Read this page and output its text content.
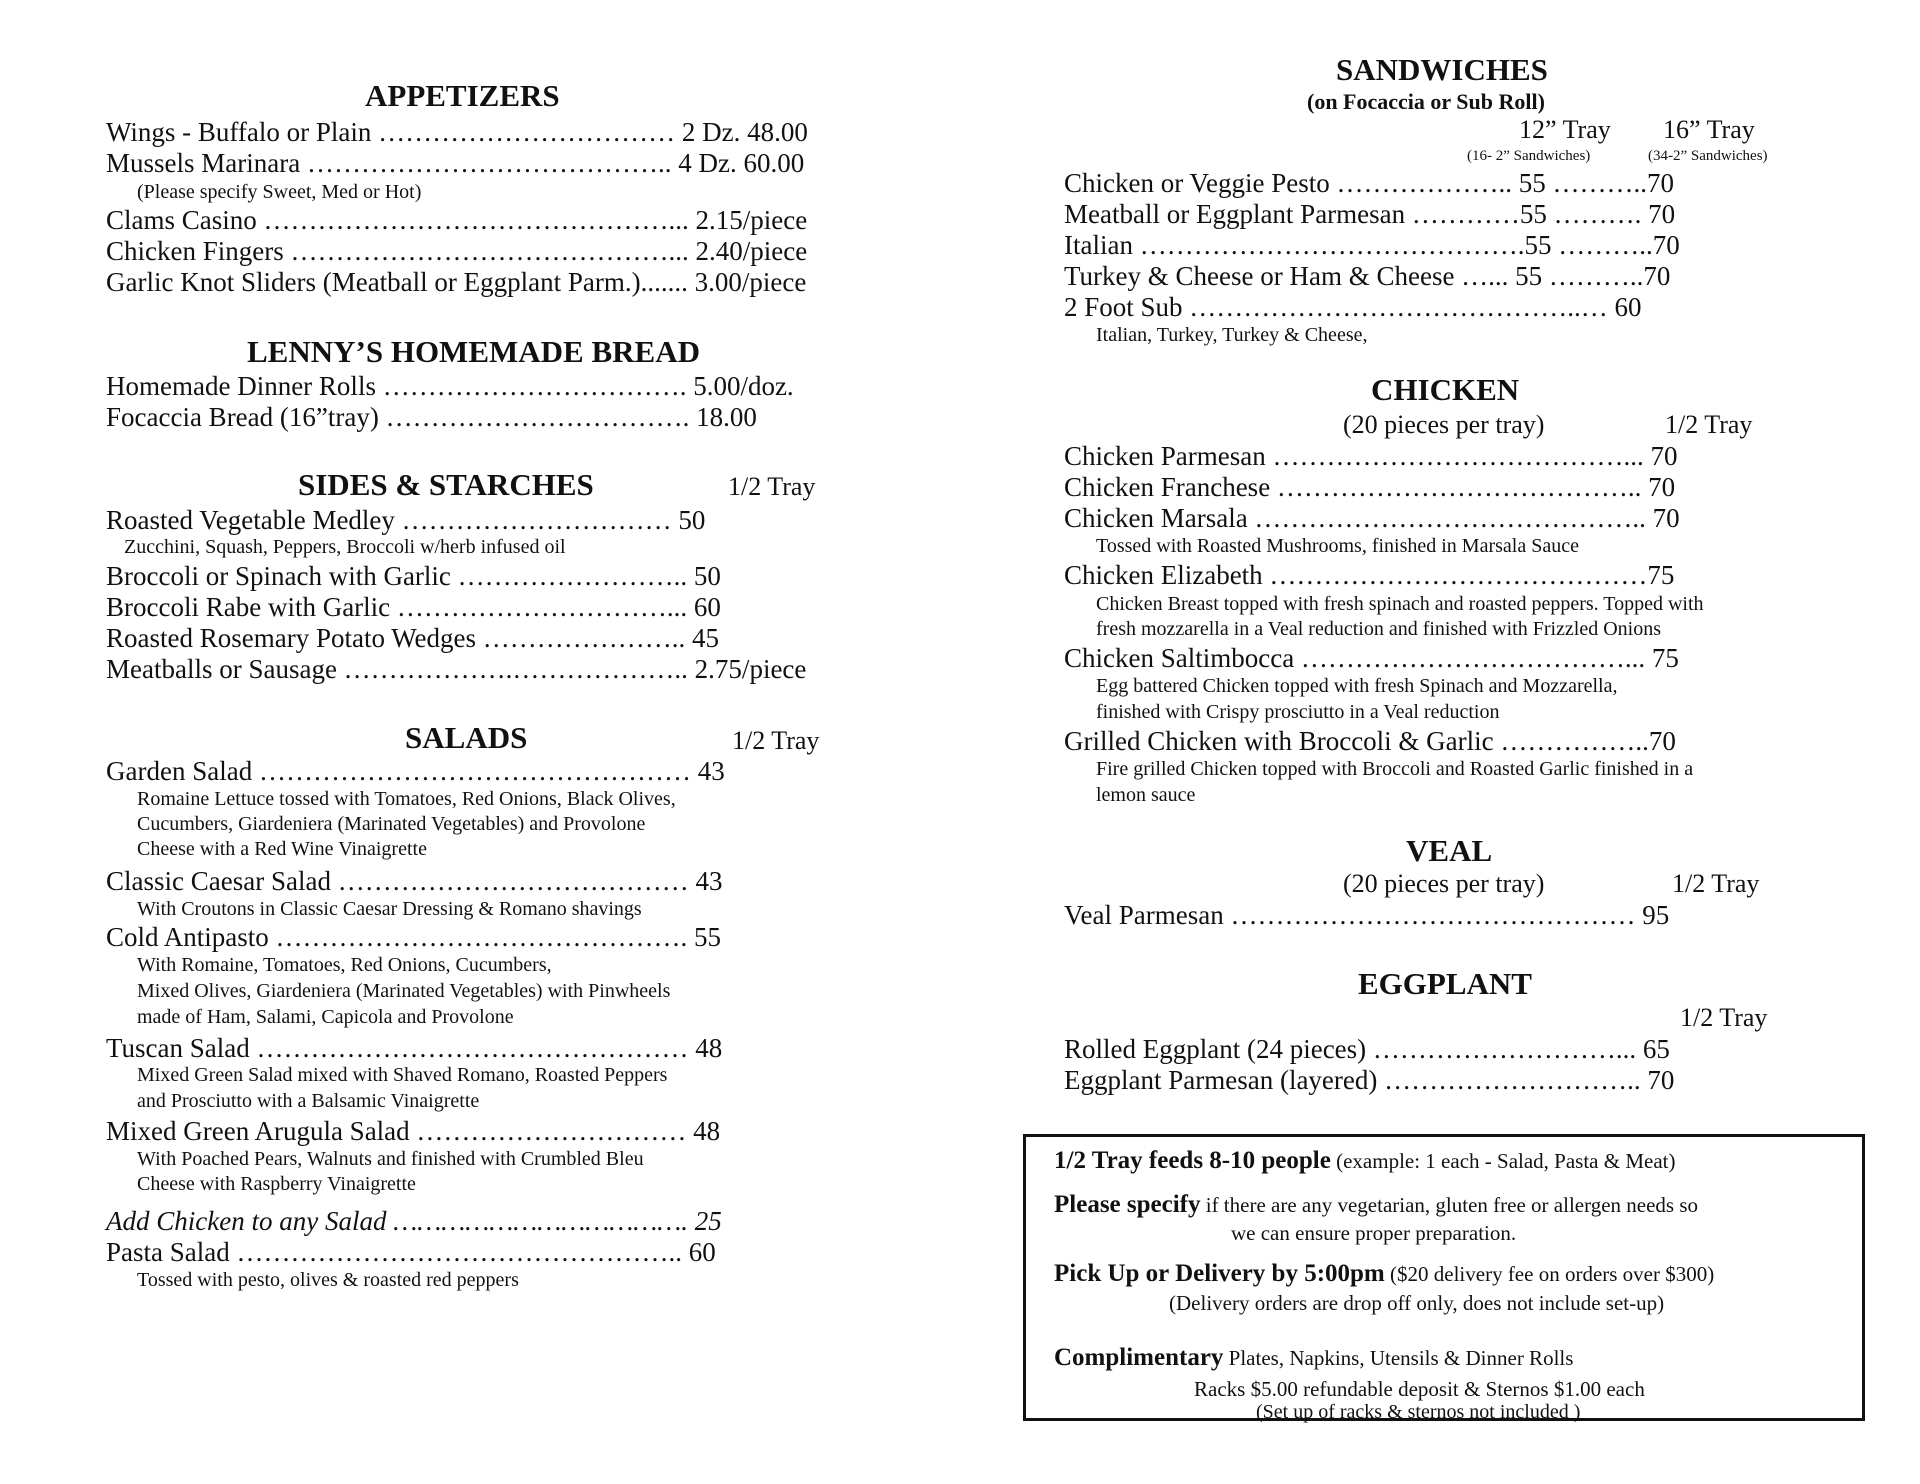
APPETIZERS
Wings - Buffalo or Plain …………………………… 2 Dz. 48.00
Mussels Marinara ………………………………….. 4 Dz. 60.00
(Please specify Sweet, Med or Hot)
Clams Casino ………………………………………... 2.15/piece
Chicken Fingers ……………………………………... 2.40/piece
Garlic Knot Sliders (Meatball or Eggplant Parm.)....... 3.00/piece
LENNY’S HOMEMADE BREAD
Homemade Dinner Rolls ……………………………. 5.00/doz.
Focaccia Bread (16”tray) ……………………………. 18.00
SIDES & STARCHES	1/2 Tray
Roasted Vegetable Medley ………………………… 50
Zucchini, Squash, Peppers, Broccoli w/herb infused oil
Broccoli or Spinach with Garlic …………………….. 50
Broccoli Rabe with Garlic …………………………... 60
Roasted Rosemary Potato Wedges ………………….. 45
Meatballs or Sausage ……………….……………….. 2.75/piece
SALADS	1/2 Tray
Garden Salad ………………………………………… 43
Romaine Lettuce tossed with Tomatoes, Red Onions, Black Olives,
Cucumbers, Giardeniera (Marinated Vegetables) and Provolone
Cheese with a Red Wine Vinaigrette
Classic Caesar Salad ………………………………… 43
With Croutons in Classic Caesar Dressing & Romano shavings
Cold Antipasto ………………………………………. 55
With Romaine, Tomatoes, Red Onions, Cucumbers,
Mixed Olives, Giardeniera (Marinated Vegetables) with Pinwheels
made of Ham, Salami, Capicola and Provolone
Tuscan Salad ………………………………………… 48
Mixed Green Salad mixed with Shaved Romano, Roasted Peppers
and Prosciutto with a Balsamic Vinaigrette
Mixed Green Arugula Salad ………………………… 48
With Poached Pears, Walnuts and finished with Crumbled Bleu
Cheese with Raspberry Vinaigrette
Add Chicken to any Salad ………………………………. 25
Pasta Salad ………………………………………….. 60
Tossed with pesto, olives & roasted red peppers
SANDWICHES
(on Focaccia or Sub Roll)
12” Tray 16” Tray
(16- 2” Sandwiches)	(34-2” Sandwiches)
Chicken or Veggie Pesto ……………….. 55 ………..70
Meatball or Eggplant Parmesan …………55 ………. 70
Italian …………………………………….55 ………..70
Turkey & Cheese or Ham & Cheese …... 55 ………..70
2 Foot Sub ……………………………………..… 60
Italian, Turkey, Turkey & Cheese,
CHICKEN
(20 pieces per tray)	1/2 Tray
Chicken Parmesan …………………………………... 70
Chicken Franchese ………………………………….. 70
Chicken Marsala …………………………………….. 70
Tossed with Roasted Mushrooms, finished in Marsala Sauce
Chicken Elizabeth ……………………………………75
Chicken Breast topped with fresh spinach and roasted peppers. Topped with
fresh mozzarella in a Veal reduction and finished with Frizzled Onions
Chicken Saltimbocca ………………………………... 75
Egg battered Chicken topped with fresh Spinach and Mozzarella,
finished with Crispy prosciutto in a Veal reduction
Grilled Chicken with Broccoli & Garlic ……………..70
Fire grilled Chicken topped with Broccoli and Roasted Garlic finished in a
lemon sauce
VEAL
(20 pieces per tray)	1/2 Tray
Veal Parmesan ……………………………………… 95
EGGPLANT
1/2 Tray
Rolled Eggplant (24 pieces) ………………………... 65
Eggplant Parmesan (layered) ……………………….. 70
1/2 Tray feeds 8-10 people (example: 1 each - Salad, Pasta & Meat)
Please specify if there are any vegetarian, gluten free or allergen needs so
we can ensure proper preparation.
Pick Up or Delivery by 5:00pm ($20 delivery fee on orders over $300)
(Delivery orders are drop off only, does not include set-up)
Complimentary Plates, Napkins, Utensils & Dinner Rolls
Racks $5.00 refundable deposit & Sternos $1.00 each
(Set up of racks & sternos not included )
